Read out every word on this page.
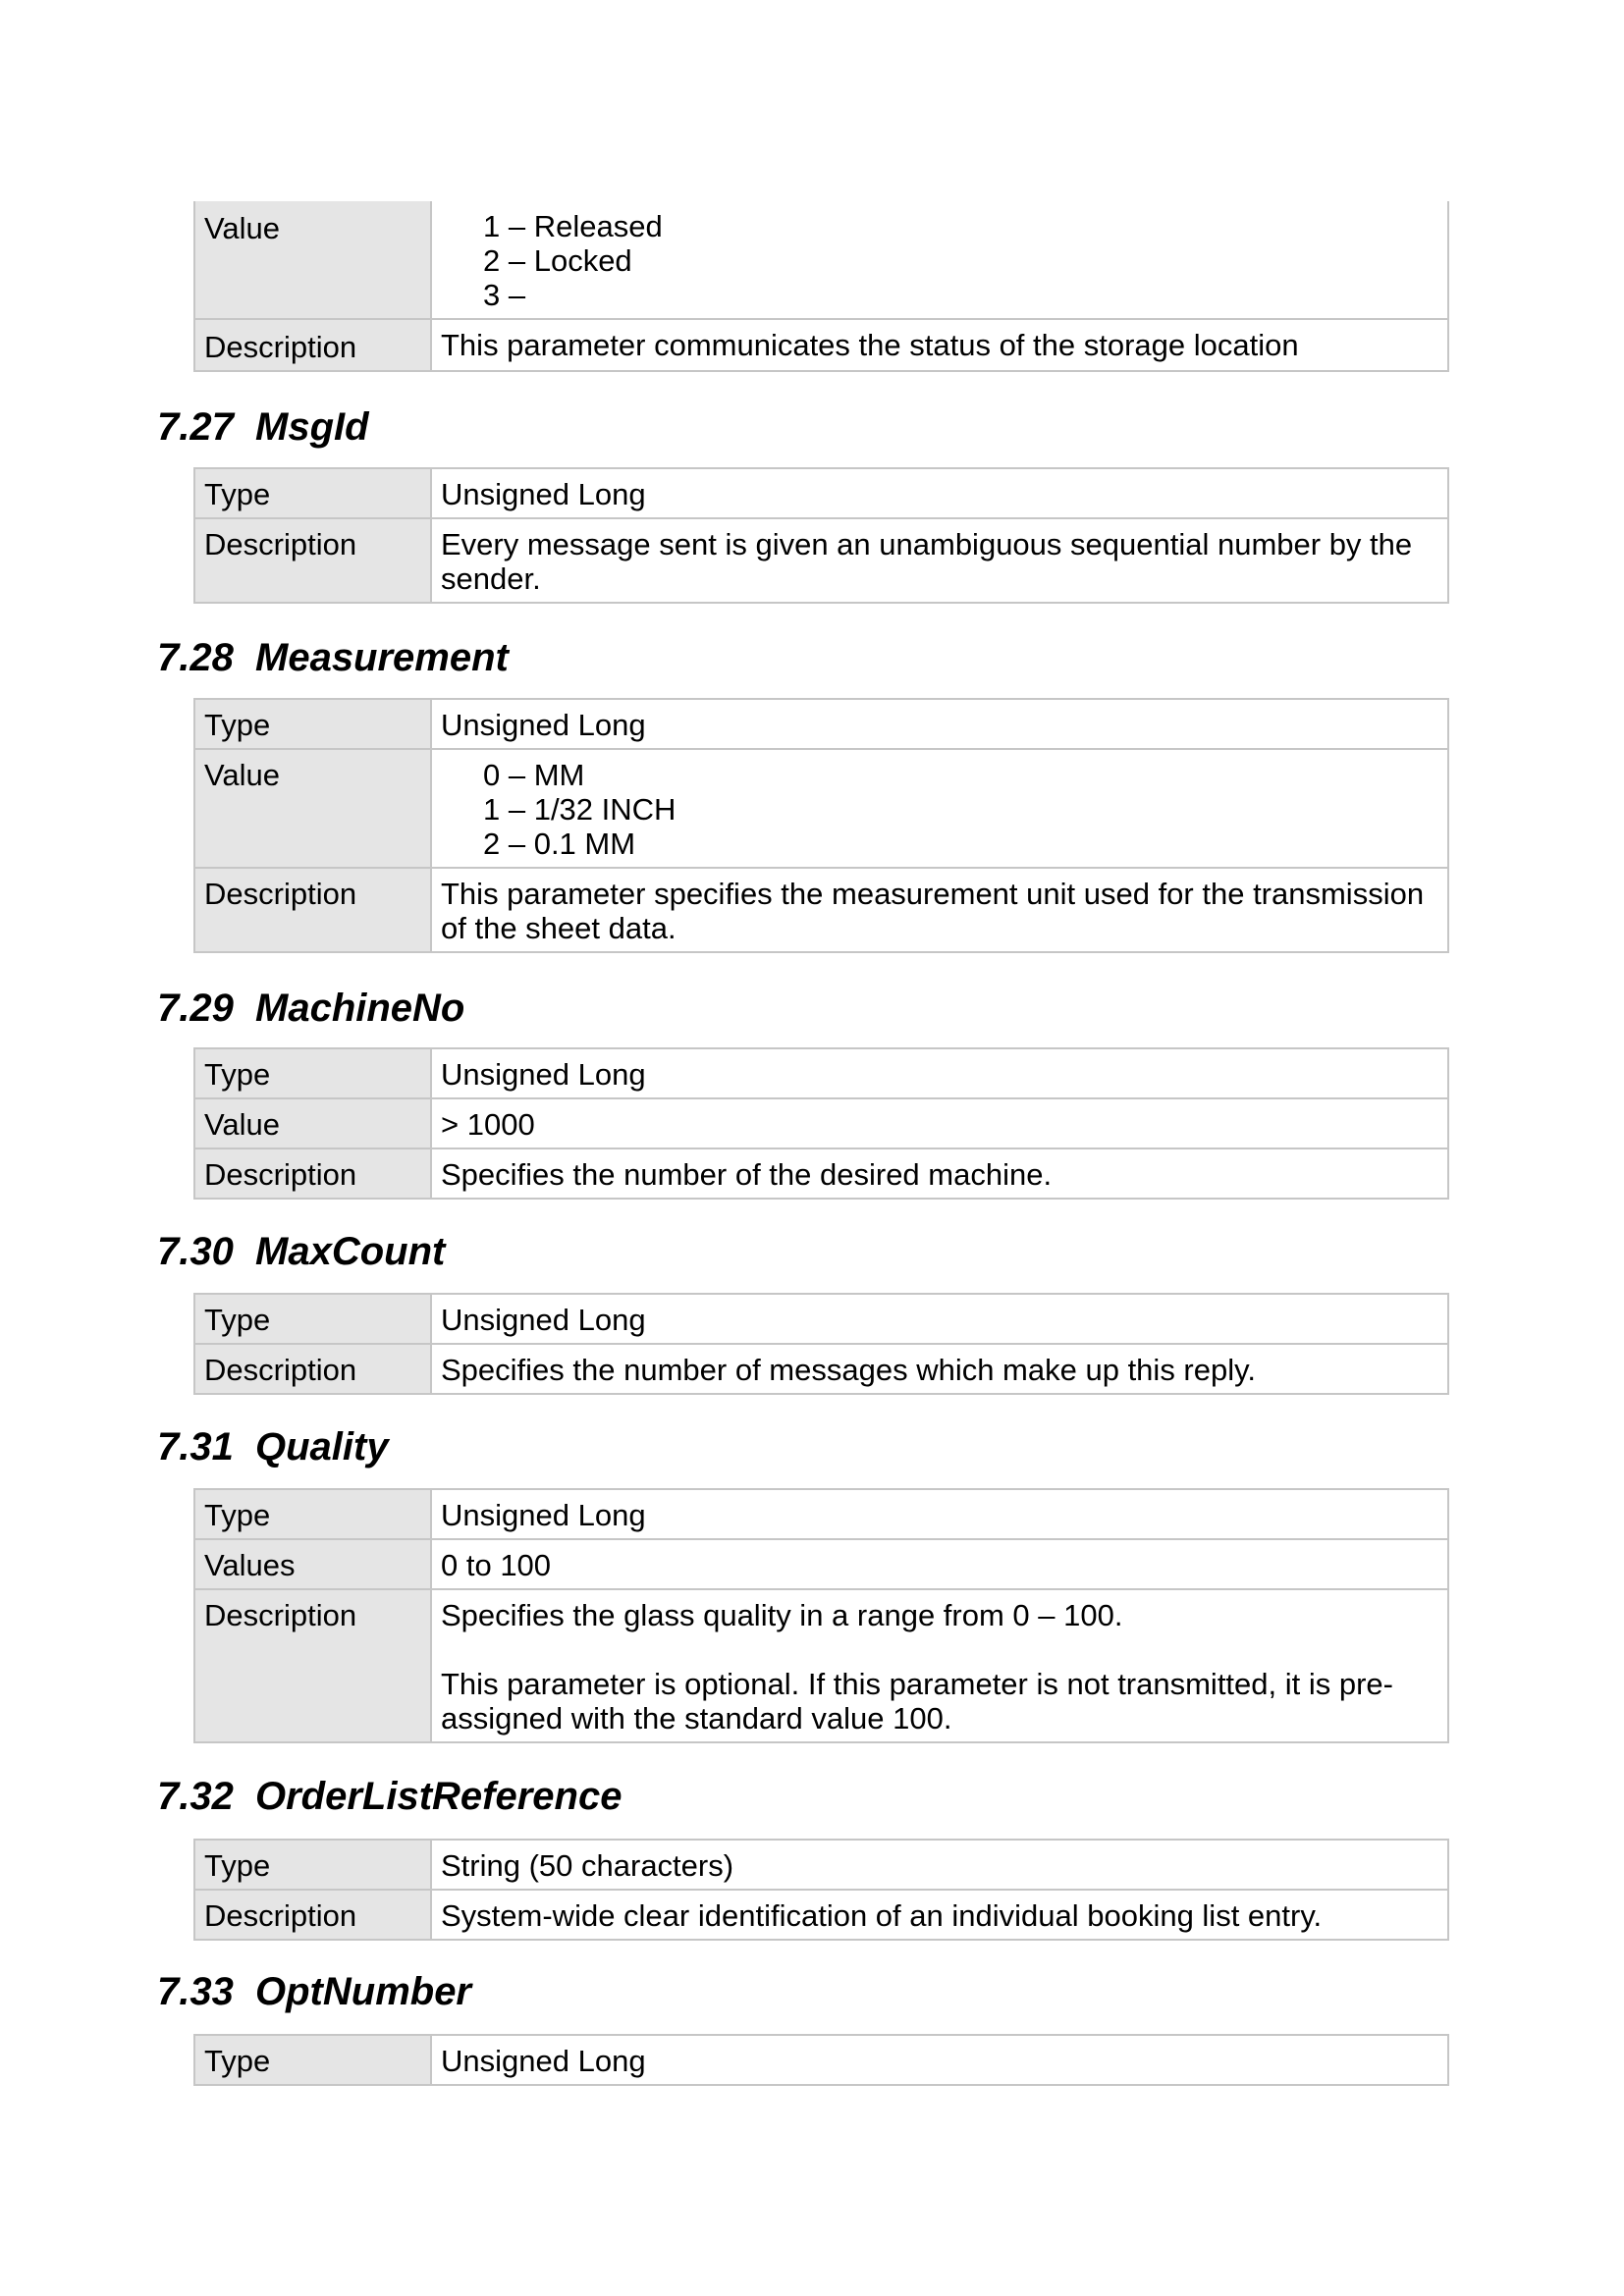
Value	1 – Released
2 – Locked
3 –

Description	This parameter communicates the status of the storage location
7.27 MsgId
Type	Unsigned Long
Description	Every message sent is given an unambiguous sequential number by the sender.
7.28 Measurement
Type	Unsigned Long
Value	0 – MM
1 – 1/32 INCH
2 – 0.1 MM

Description	This parameter specifies the measurement unit used for the transmission of the sheet data.
7.29 MachineNo
Type	Unsigned Long
Value	> 1000
Description	Specifies the number of the desired machine.
7.30 MaxCount
Type	Unsigned Long
Description	Specifies the number of messages which make up this reply.
7.31 Quality
Type	Unsigned Long
Values	0 to 100
Description	Specifies the glass quality in a range from 0 – 100.
This parameter is optional. If this parameter is not transmitted, it is pre-assigned with the standard value 100.
7.32 OrderListReference
Type	String (50 characters)
Description	System-wide clear identification of an individual booking list entry.
7.33 OptNumber
Type	Unsigned Long
